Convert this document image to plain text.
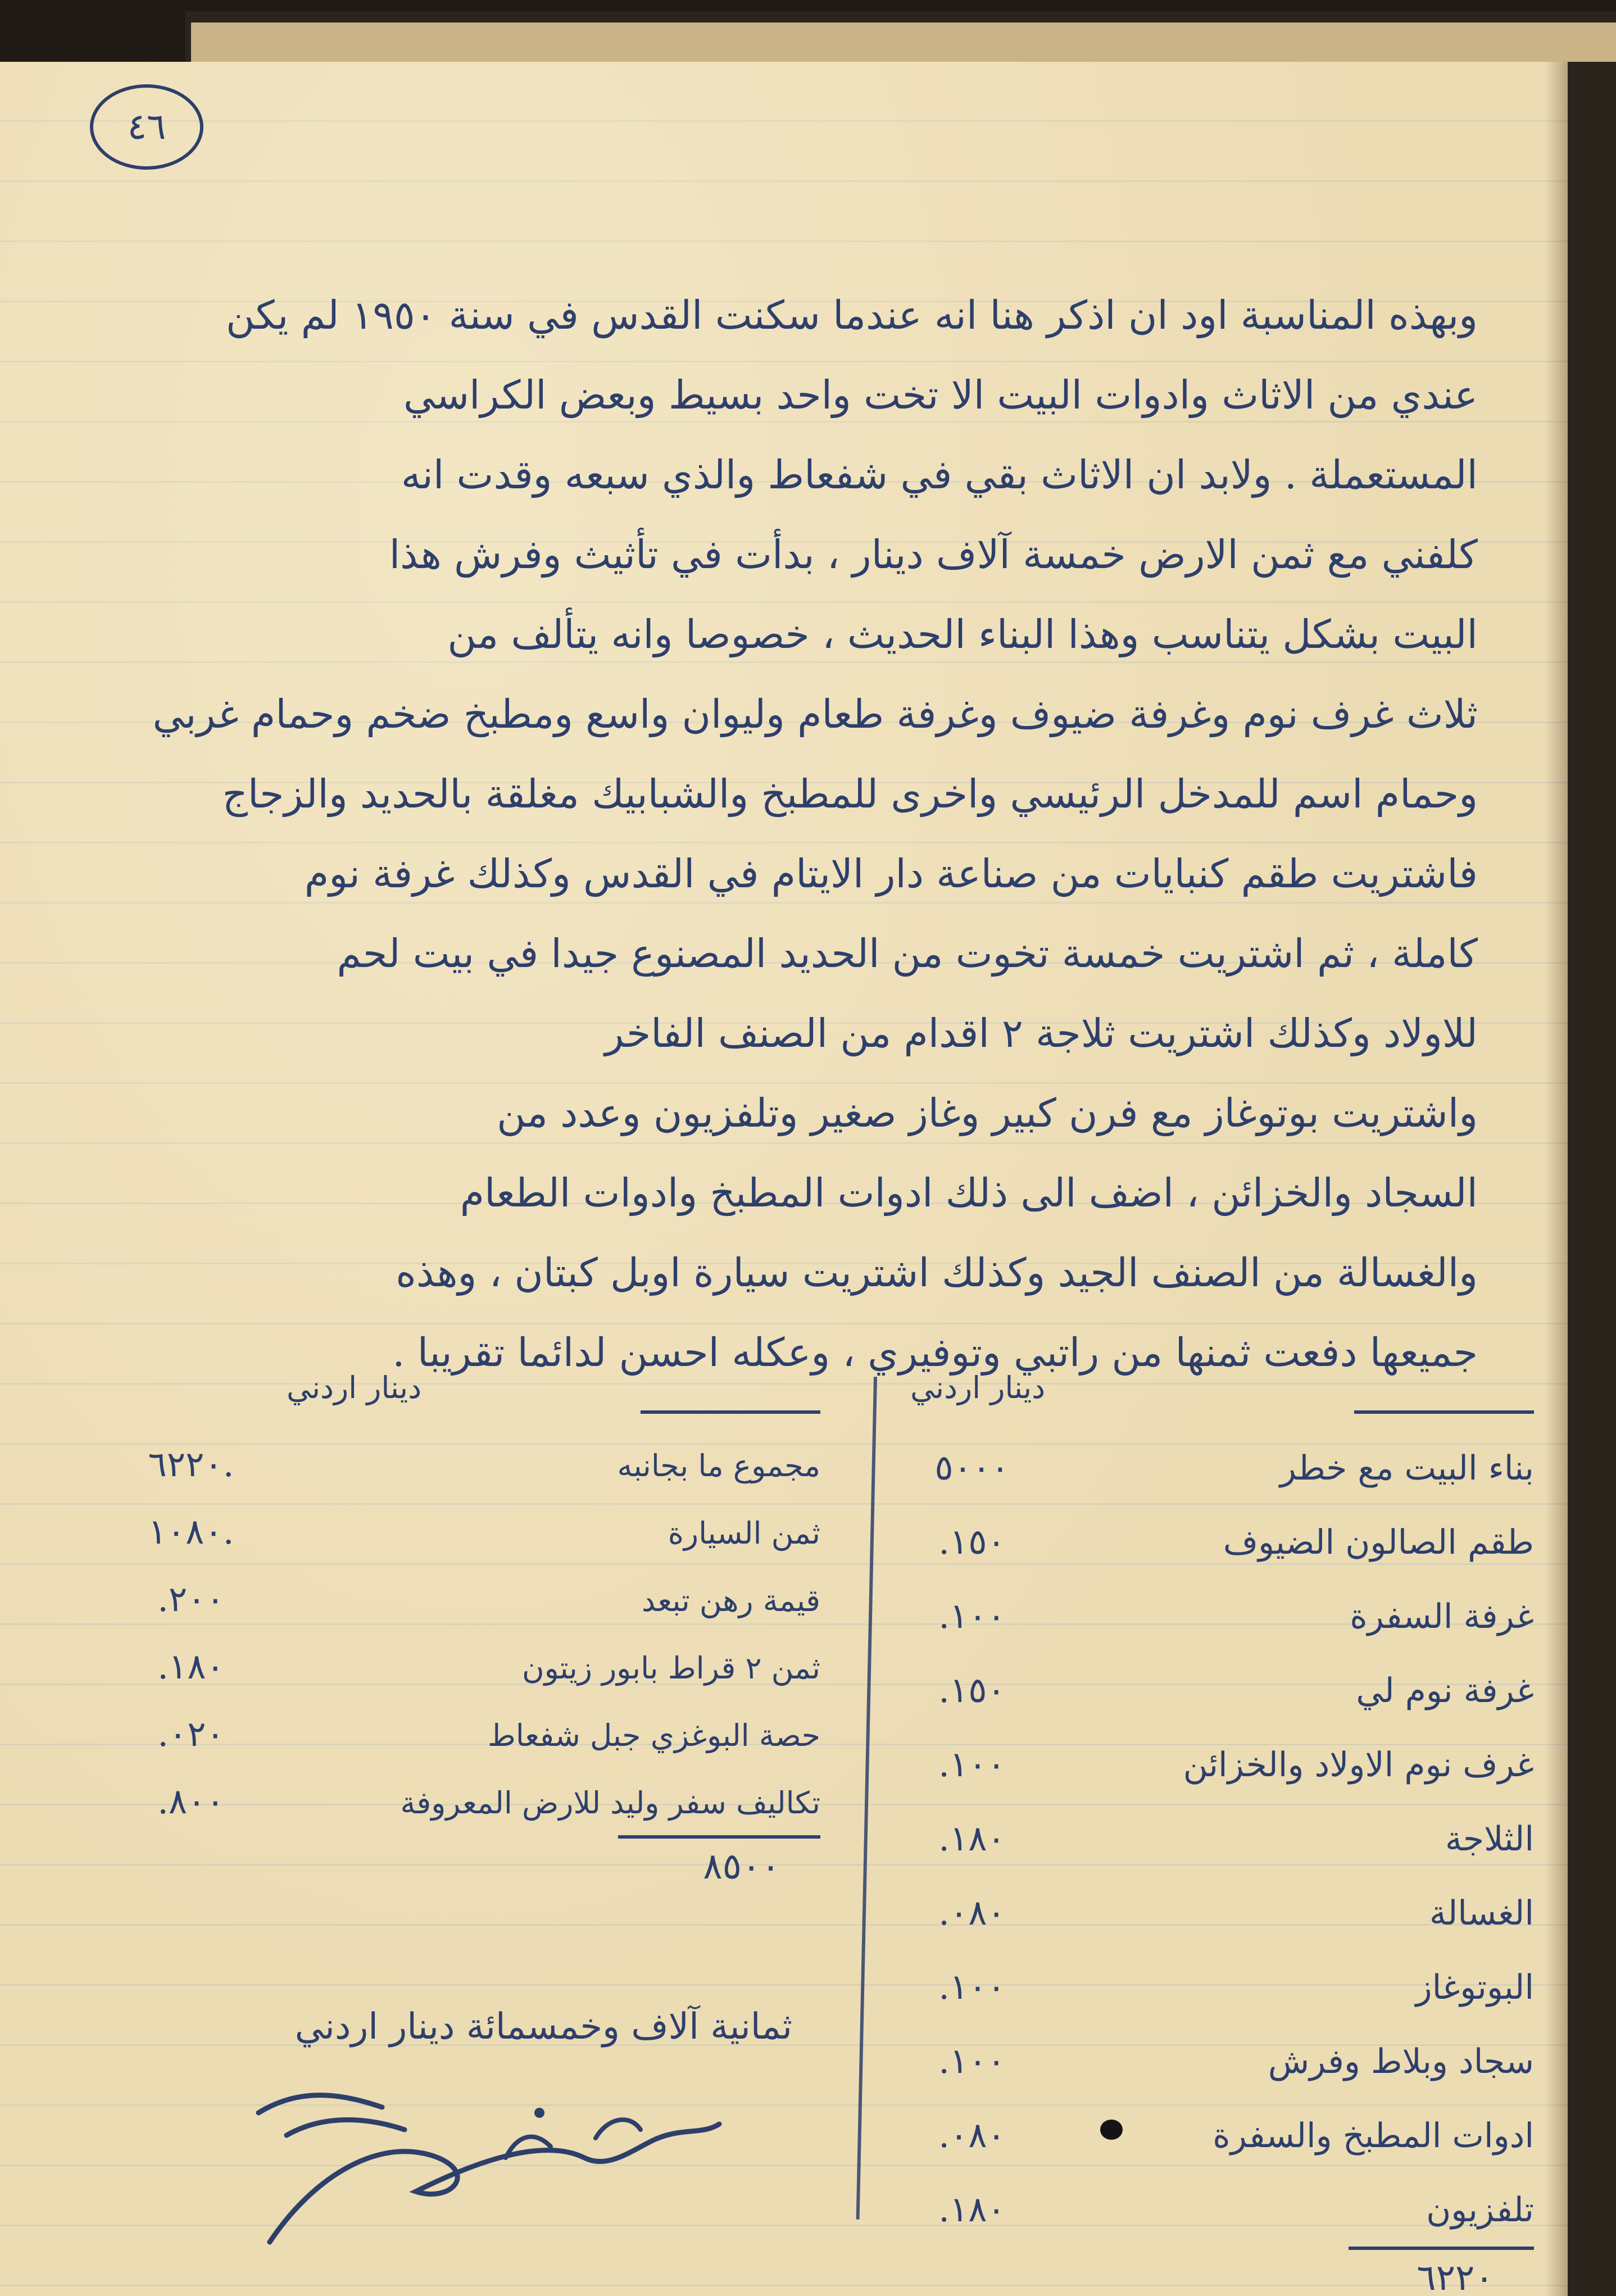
٤٦
وبهذه المناسبة اود ان اذكر هنا انه عندما سكنت القدس في سنة ١٩٥٠ لم يكن
عندي من الاثاث وادوات البيت الا تخت واحد بسيط وبعض الكراسي
المستعملة . ولابد ان الاثاث بقي في شفعاط والذي سبعه وقدت انه
كلفني مع ثمن الارض خمسة آلاف دينار ، بدأت في تأثيث وفرش هذا
البيت بشكل يتناسب وهذا البناء الحديث ، خصوصا وانه يتألف من
ثلاث غرف نوم وغرفة ضيوف وغرفة طعام وليوان واسع ومطبخ ضخم وحمام غربي
وحمام اسم للمدخل الرئيسي واخرى للمطبخ والشبابيك مغلقة بالحديد والزجاج
فاشتريت طقم كنبايات من صناعة دار الايتام في القدس وكذلك غرفة نوم
كاملة ، ثم اشتريت خمسة تخوت من الحديد المصنوع جيدا في بيت لحم
للاولاد وكذلك اشتريت ثلاجة ٢ اقدام من الصنف الفاخر
واشتريت بوتوغاز مع فرن كبير وغاز صغير وتلفزيون وعدد من
السجاد والخزائن ، اضف الى ذلك ادوات المطبخ وادوات الطعام
والغسالة من الصنف الجيد وكذلك اشتريت سيارة اوبل كبتان ، وهذه
جميعها دفعت ثمنها من راتبي وتوفيري ، وعكله احسن لدائما تقريبا .
دينار اردني
بناء البيت مع خطر
٥٠٠٠
طقم الصالون الضيوف
.١٥٠
غرفة السفرة
.١٠٠
غرفة نوم لي
.١٥٠
غرف نوم الاولاد والخزائن
.١٠٠
الثلاجة
.١٨٠
الغسالة
.٠٨٠
البوتوغاز
.١٠٠
سجاد وبلاط وفرش
.١٠٠
ادوات المطبخ والسفرة
.٠٨٠
تلفزيون
.١٨٠
٦٢٢٠
دينار اردني
مجموع ما بجانبه
٦٢٢٠.
ثمن السيارة
١٠٨٠.
قيمة رهن تبعد
.٢٠٠
ثمن ٢ قراط بابور زيتون
.١٨٠
حصة البوغزي جبل شفعاط
.٠٢٠
تكاليف سفر وليد للارض المعروفة
.٨٠٠
٨٥٠٠
ثمانية آلاف وخمسمائة دينار اردني
